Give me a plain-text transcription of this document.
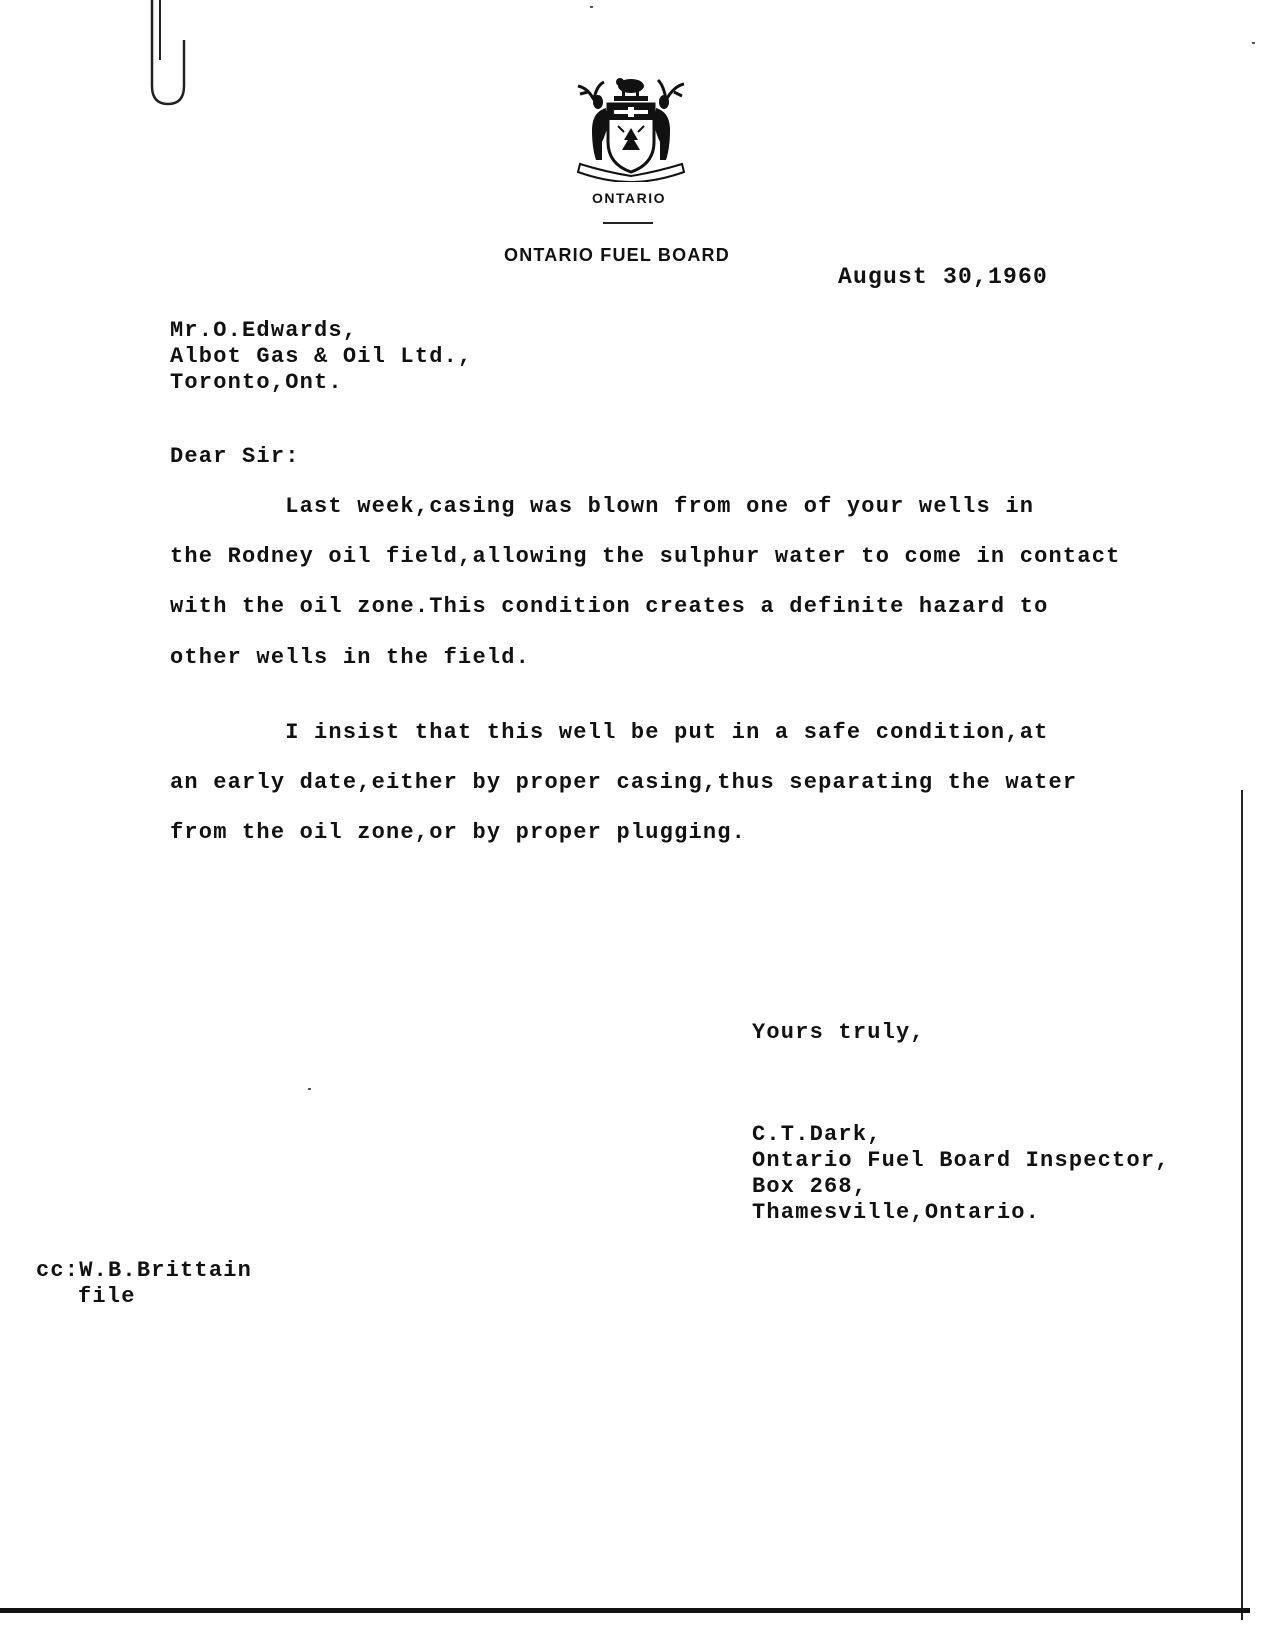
ONTARIO
ONTARIO FUEL BOARD
August 30,1960
Mr.O.Edwards,
Albot Gas & Oil Ltd.,
Toronto,Ont.
Dear Sir:
Last week,casing was blown from one of your wells in
the Rodney oil field,allowing the sulphur water to come in contact
with the oil zone.This condition creates a definite hazard to
other wells in the field.
I insist that this well be put in a safe condition,at
an early date,either by proper casing,thus separating the water
from the oil zone,or by proper plugging.
Yours truly,
C.T.Dark,
Ontario Fuel Board Inspector,
Box 268,
Thamesville,Ontario.
cc:W.B.Brittain
file
